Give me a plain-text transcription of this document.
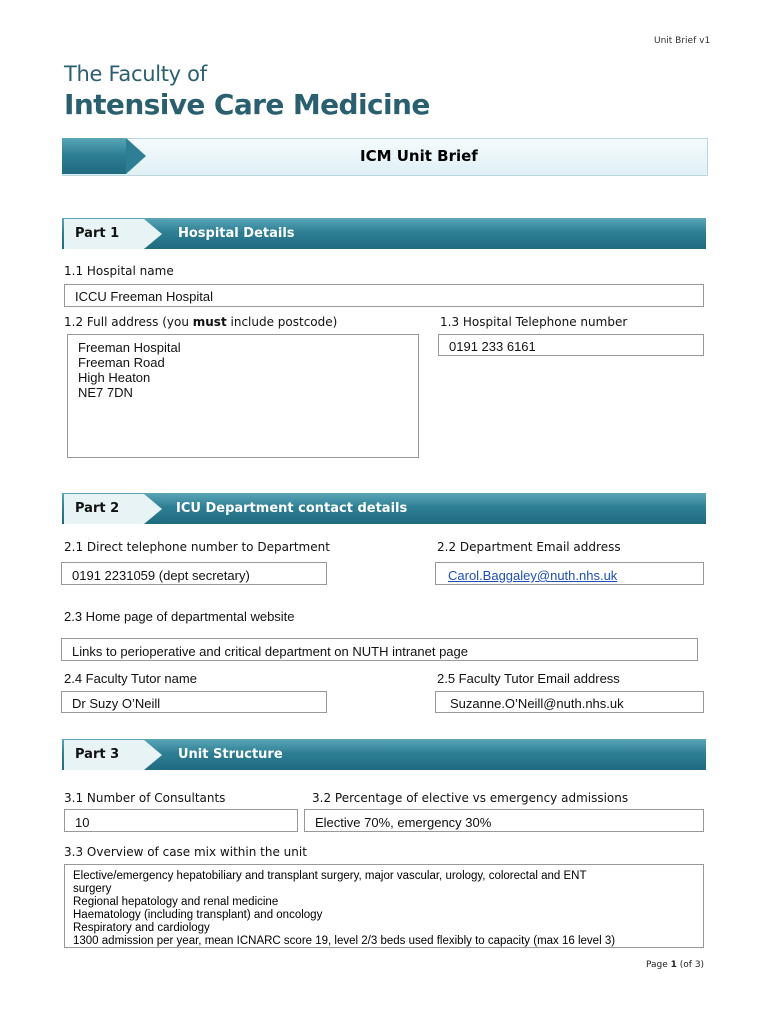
Unit Brief v1
The Faculty of
Intensive Care Medicine
ICM Unit Brief
Part 1	Hospital Details
1.1 Hospital name
ICCU Freeman Hospital
1.2 Full address (you must include postcode)
Freeman Hospital
Freeman Road
High Heaton
NE7 7DN
1.3 Hospital Telephone number
0191 233 6161
Part 2	ICU Department contact details
2.1 Direct telephone number to Department
0191 2231059 (dept secretary)
2.2 Department Email address
Carol.Baggaley@nuth.nhs.uk
2.3 Home page of departmental website
Links to perioperative and critical department on NUTH intranet page
2.4 Faculty Tutor name
Dr Suzy O’Neill
2.5 Faculty Tutor Email address
Suzanne.O’Neill@nuth.nhs.uk
Part 3	Unit Structure
3.1 Number of Consultants
10
3.2 Percentage of elective vs emergency admissions
Elective 70%, emergency 30%
3.3 Overview of case mix within the unit
Elective/emergency hepatobiliary and transplant surgery, major vascular, urology, colorectal and ENT
surgery
Regional hepatology and renal medicine
Haematology (including transplant) and oncology
Respiratory and cardiology
1300 admission per year, mean ICNARC score 19, level 2/3 beds used flexibly to capacity (max 16 level 3)
Page 1 (of 3)
